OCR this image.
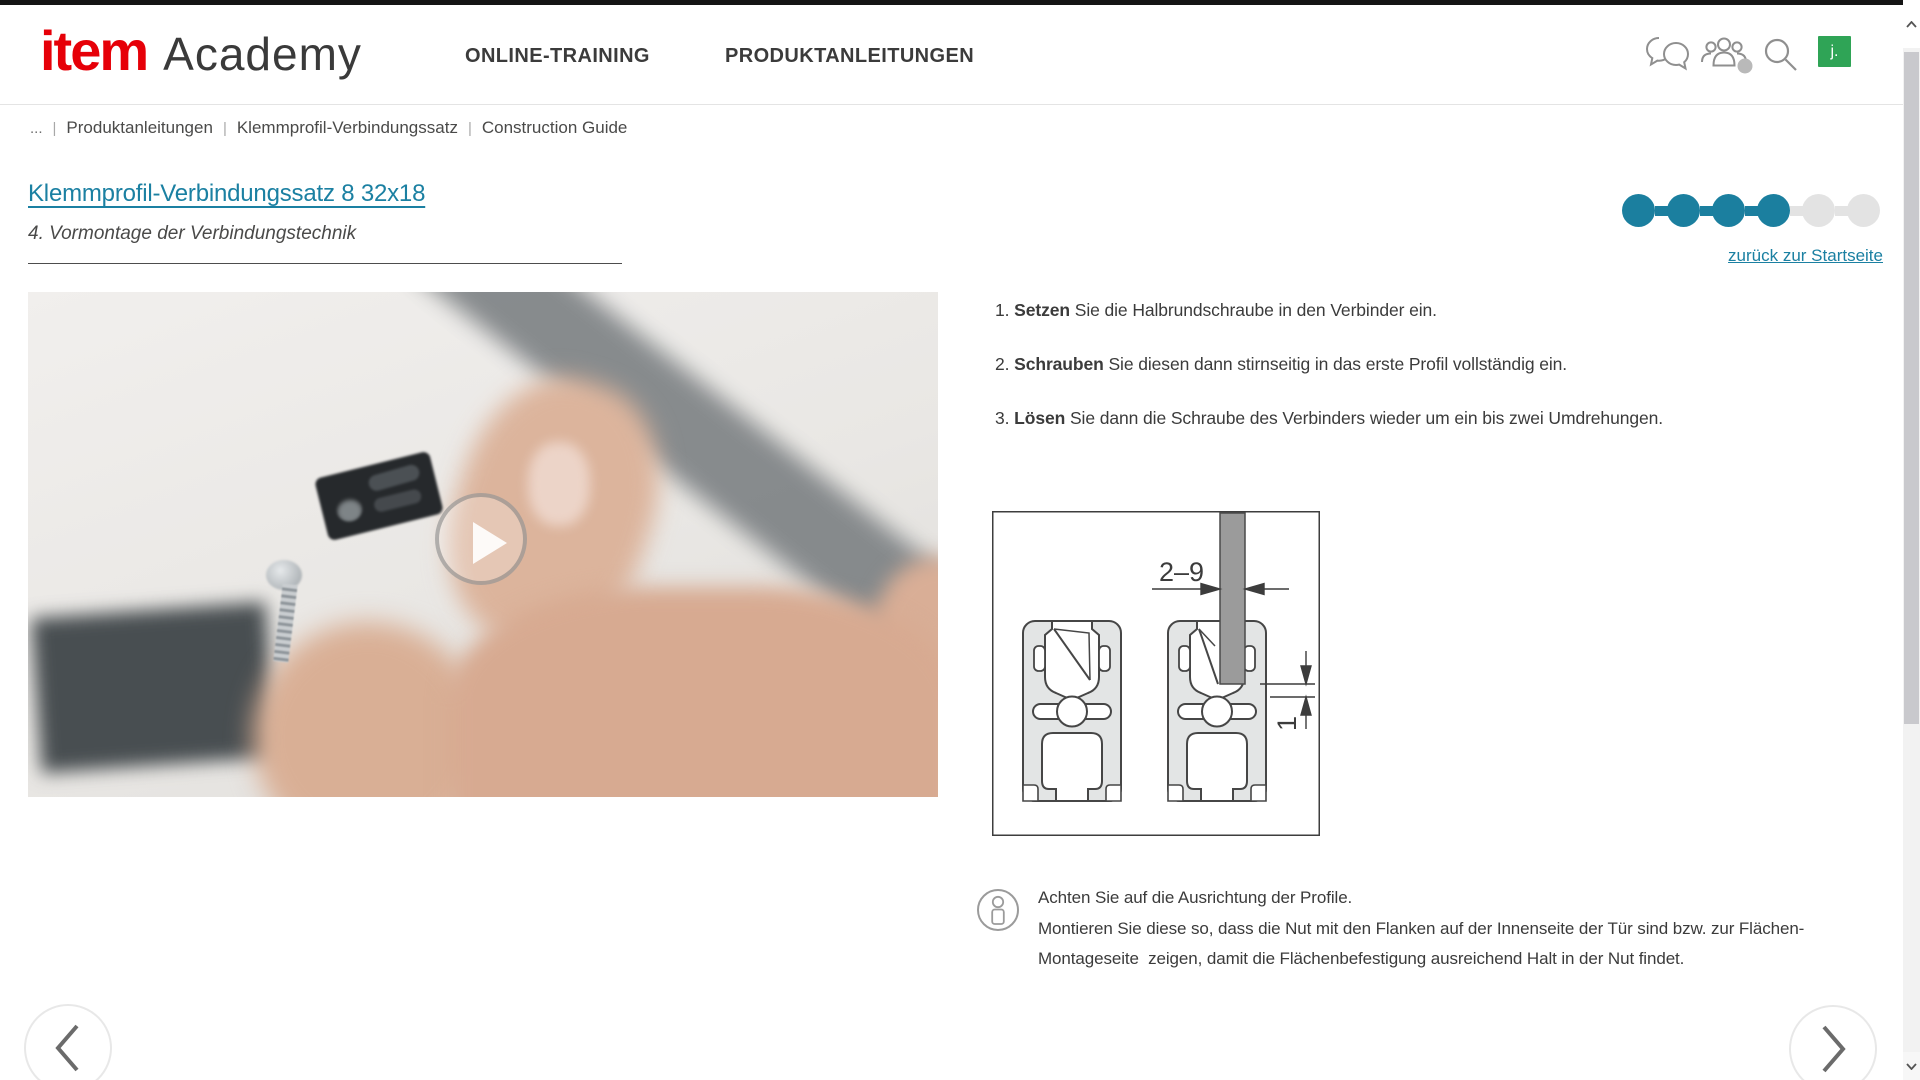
item Academy	ONLINE-TRAINING	PRODUKTANLEITUNGEN	j.
... | Produktanleitungen | Klemmprofil-Verbindungssatz | Construction Guide
Klemmprofil-Verbindungssatz 8 32x18
4. Vormontage der Verbindungstechnik
zurück zur Startseite
1. Setzen Sie die Halbrundschraube in den Verbinder ein.
2. Schrauben Sie diesen dann stirnseitig in das erste Profil vollständig ein.
3. Lösen Sie dann die Schraube des Verbinders wieder um ein bis zwei Umdrehungen.
2–9
1
Achten Sie auf die Ausrichtung der Profile.
Montieren Sie diese so, dass die Nut mit den Flanken auf der Innenseite der Tür sind bzw. zur Flächen-
Montageseite  zeigen, damit die Flächenbefestigung ausreichend Halt in der Nut findet.
